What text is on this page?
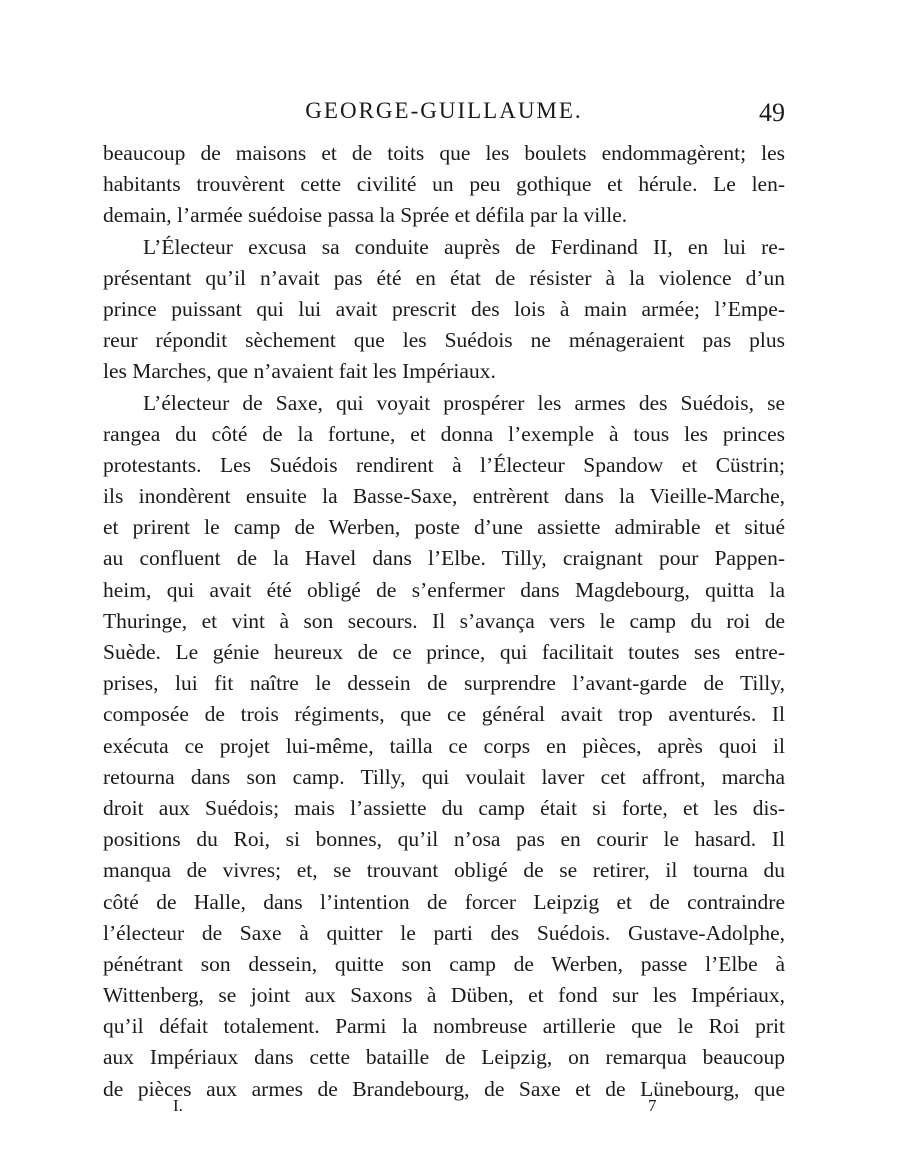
GEORGE-GUILLAUME.	49
beaucoup de maisons et de toits que les boulets endommagèrent; les
habitants trouvèrent cette civilité un peu gothique et hérule. Le len-
demain, l’armée suédoise passa la Sprée et défila par la ville.
L’Électeur excusa sa conduite auprès de Ferdinand II, en lui re-
présentant qu’il n’avait pas été en état de résister à la violence d’un
prince puissant qui lui avait prescrit des lois à main armée; l’Empe-
reur répondit sèchement que les Suédois ne ménageraient pas plus
les Marches, que n’avaient fait les Impériaux.
L’électeur de Saxe, qui voyait prospérer les armes des Suédois, se
rangea du côté de la fortune, et donna l’exemple à tous les princes
protestants. Les Suédois rendirent à l’Électeur Spandow et Cüstrin;
ils inondèrent ensuite la Basse-Saxe, entrèrent dans la Vieille-Marche,
et prirent le camp de Werben, poste d’une assiette admirable et situé
au confluent de la Havel dans l’Elbe. Tilly, craignant pour Pappen-
heim, qui avait été obligé de s’enfermer dans Magdebourg, quitta la
Thuringe, et vint à son secours. Il s’avança vers le camp du roi de
Suède. Le génie heureux de ce prince, qui facilitait toutes ses entre-
prises, lui fit naître le dessein de surprendre l’avant-garde de Tilly,
composée de trois régiments, que ce général avait trop aventurés. Il
exécuta ce projet lui-même, tailla ce corps en pièces, après quoi il
retourna dans son camp. Tilly, qui voulait laver cet affront, marcha
droit aux Suédois; mais l’assiette du camp était si forte, et les dis-
positions du Roi, si bonnes, qu’il n’osa pas en courir le hasard. Il
manqua de vivres; et, se trouvant obligé de se retirer, il tourna du
côté de Halle, dans l’intention de forcer Leipzig et de contraindre
l’électeur de Saxe à quitter le parti des Suédois. Gustave-Adolphe,
pénétrant son dessein, quitte son camp de Werben, passe l’Elbe à
Wittenberg, se joint aux Saxons à Düben, et fond sur les Impériaux,
qu’il défait totalement. Parmi la nombreuse artillerie que le Roi prit
aux Impériaux dans cette bataille de Leipzig, on remarqua beaucoup
de pièces aux armes de Brandebourg, de Saxe et de Lünebourg, que
I.	7
